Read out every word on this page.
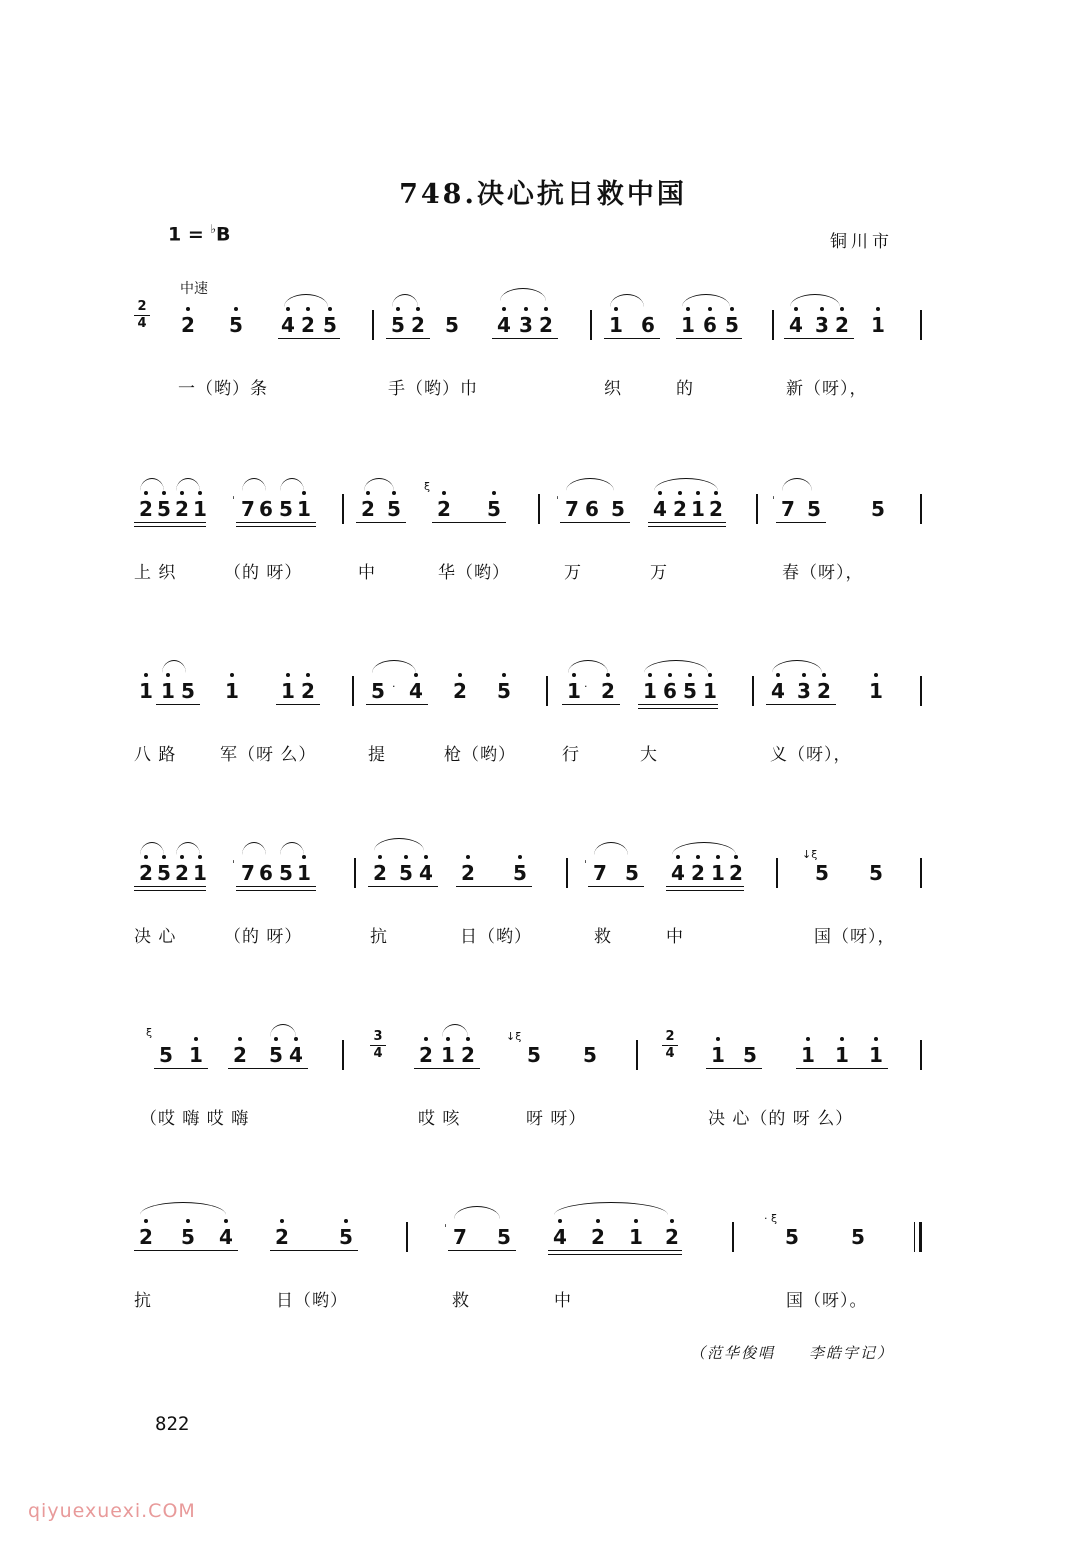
748.决心抗日救中国
1 = ♭B	铜川市
中速
2
4 2 5 4 2 5	5 2 5 4 3 2	1 6 1 6 5	4 3 2 1
一（哟）条	手（哟）巾	织	的	新（呀），
2 5 2 1	ˈ 7 6 5 1	2 5
ξ
2 5	ˈ 7 6 5 4 2 1 2	ˈ 7 5	5
上 织	（的 呀）	中	华（哟）	万	万	春（呀），
1 1 5 1 1 2	5 · 4 2 5	1 · 2 1 6 5 1	4 3 2 1
八 路	军（呀 么）	提	枪（哟）	行	大	义（呀），
2 5 2 1	ˈ 7 6 5 1	2 5 4 2 5	ˈ 7 5 4 2 1 2
↓ξ
5 5
决 心	（的 呀）	抗	日（哟）	救	中	国（呀），
ξ
5 1 2 5 4
3
4 2 1 2
↓ξ
5 5
2
4 1 5 1 1 1
（哎 嗨 哎 嗨	哎 咳	呀 呀）	决 心（的 呀 么）
2 5 4 2	5	ˈ 7 5 4 2 1 2
· ξ
5	5
抗	日（哟）	救	中	国（呀）。
（范华俊唱　　李皓宇记）
822
qiyuexuexi.COM
